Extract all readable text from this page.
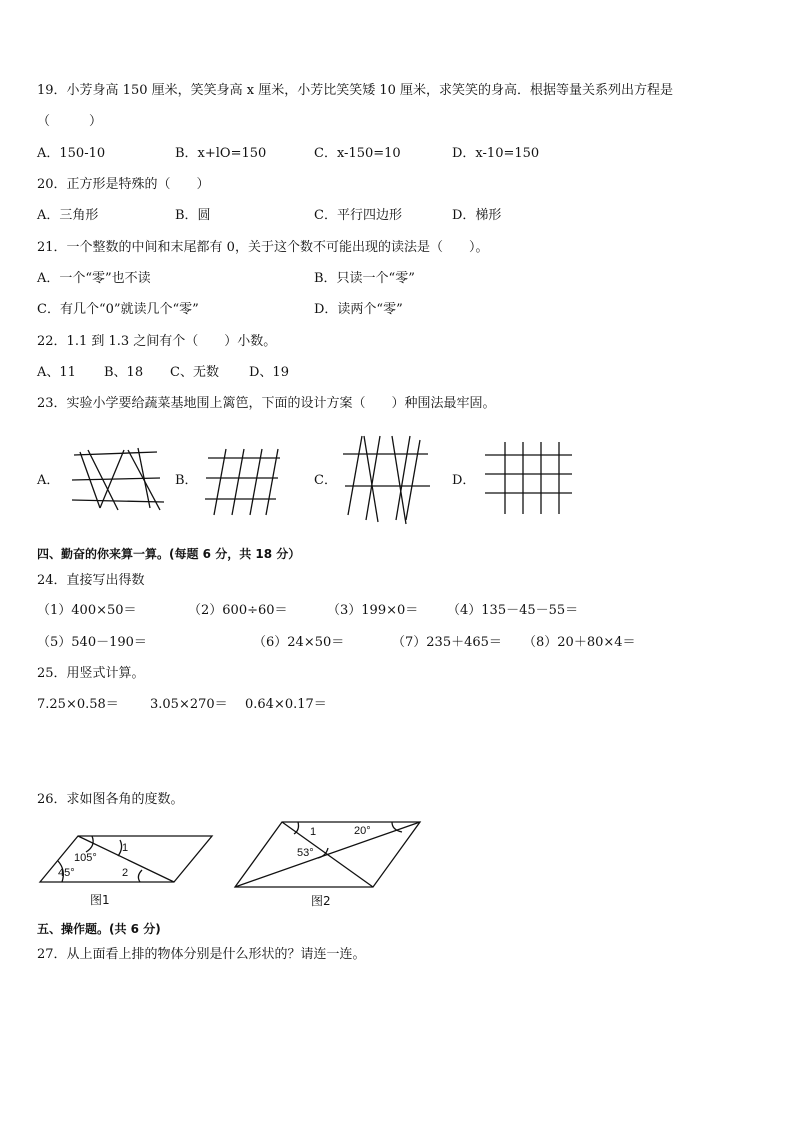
19．小芳身高 150 厘米，笑笑身高 x 厘米，小芳比笑笑矮 10 厘米，求笑笑的身高．根据等量关系列出方程是
（　　　）
A．150-10	B．x+lO=150	C．x-150=10	D．x-10=150
20．正方形是特殊的（　　）
A．三角形	B．圆	C．平行四边形	D．梯形
21．一个整数的中间和末尾都有 0，关于这个数不可能出现的读法是（　　）。
A．一个“零”也不读	B．只读一个“零”
C．有几个“0”就读几个“零”	D．读两个“零”
22．1.1 到 1.3 之间有个（　　）小数。
A、11 B、18 C、无数 D、19
23．实验小学要给蔬菜基地围上篱笆，下面的设计方案（　　）种围法最牢固。
A．	B．	C．	D．
四、勤奋的你来算一算。(每题 6 分，共 18 分）
24．直接写出得数
（1）400×50＝	（2）600÷60＝	（3）199×0＝ （4）135－45－55＝
（5）540－190＝	（6）24×50＝	（7）235＋465＝ （8）20＋80×4＝
25．用竖式计算。
7.25×0.58＝ 3.05×270＝ 0.64×0.17＝
26．求如图各角的度数。
105°
45°
1
2
图1
1	20°
53°
图2
五、操作题。(共 6 分)
27．从上面看上排的物体分别是什么形状的？请连一连。
